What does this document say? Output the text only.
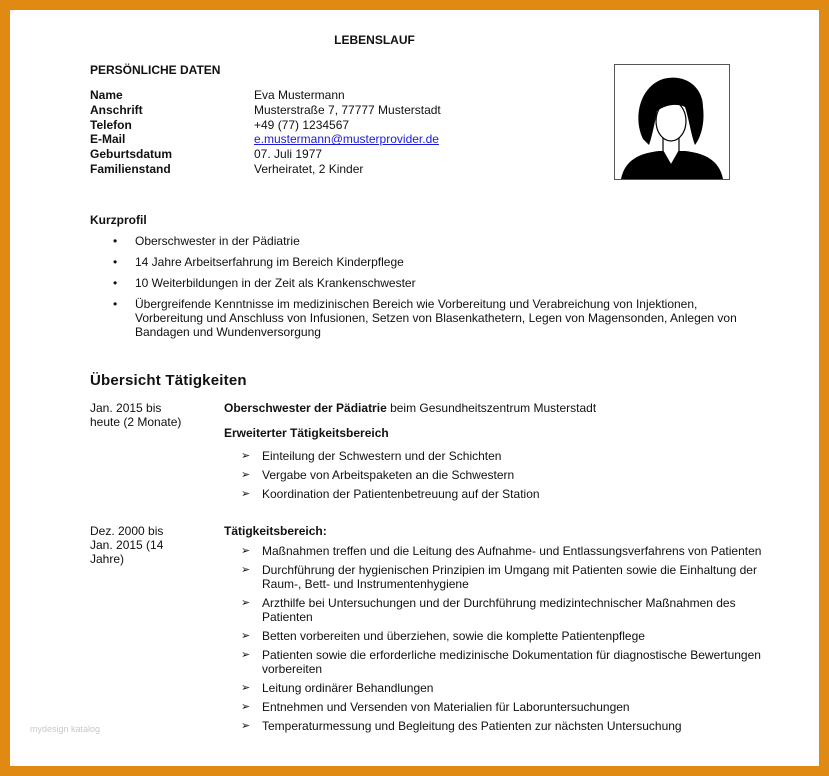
LEBENSLAUF
PERSÖNLICHE DATEN
Name	Eva Mustermann
Anschrift	Musterstraße 7, 77777 Musterstadt
Telefon	+49 (77) 1234567
E-Mail	e.mustermann@musterprovider.de
Geburtsdatum	07. Juli 1977
Familienstand	Verheiratet, 2 Kinder
Kurzprofil
• Oberschwester in der Pädiatrie
• 14 Jahre Arbeitserfahrung im Bereich Kinderpflege
• 10 Weiterbildungen in der Zeit als Krankenschwester
• Übergreifende Kenntnisse im medizinischen Bereich wie Vorbereitung und Verabreichung von Injektionen, Vorbereitung und Anschluss von Infusionen, Setzen von Blasenkathetern, Legen von Magensonden, Anlegen von Bandagen und Wundenversorgung
Übersicht Tätigkeiten
Jan. 2015 bis
heute (2 Monate)
Oberschwester der Pädiatrie beim Gesundheitszentrum Musterstadt
Erweiterter Tätigkeitsbereich
➢ Einteilung der Schwestern und der Schichten
➢ Vergabe von Arbeitspaketen an die Schwestern
➢ Koordination der Patientenbetreuung auf der Station
Dez. 2000 bis
Jan. 2015 (14
Jahre)
Tätigkeitsbereich:
➢ Maßnahmen treffen und die Leitung des Aufnahme- und Entlassungsverfahrens von Patienten
➢ Durchführung der hygienischen Prinzipien im Umgang mit Patienten sowie die Einhaltung der Raum-, Bett- und Instrumentenhygiene
➢ Arzthilfe bei Untersuchungen und der Durchführung medizintechnischer Maßnahmen des Patienten
➢ Betten vorbereiten und überziehen, sowie die komplette Patientenpflege
➢ Patienten sowie die erforderliche medizinische Dokumentation für diagnostische Bewertungen vorbereiten
➢ Leitung ordinärer Behandlungen
➢ Entnehmen und Versenden von Materialien für Laboruntersuchungen
➢ Temperaturmessung und Begleitung des Patienten zur nächsten Untersuchung
mydesign katalog
